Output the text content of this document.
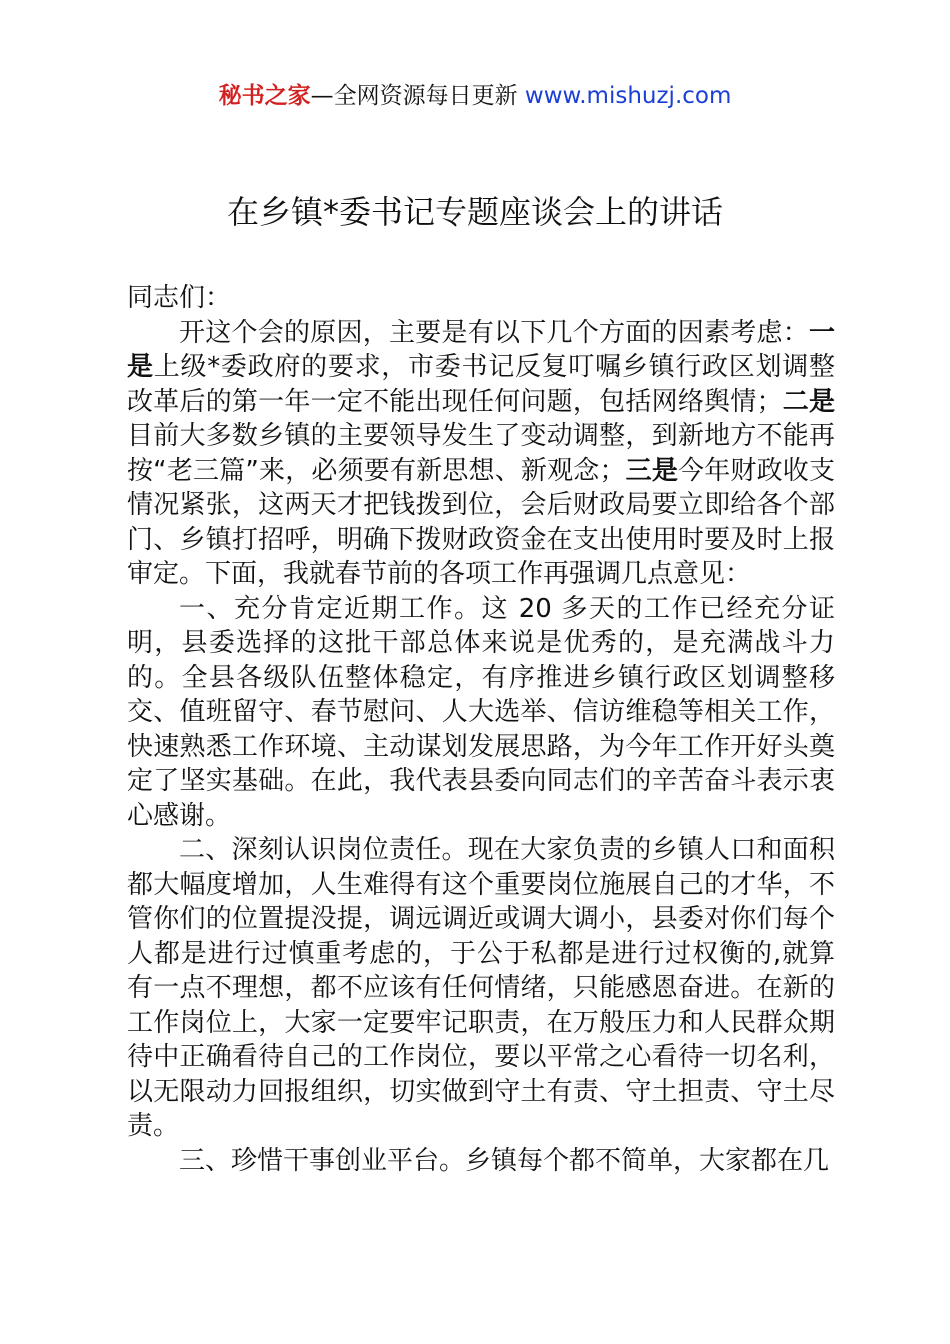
秘书之家—全网资源每日更新 www.mishuzj.com
在乡镇*委书记专题座谈会上的讲话

同志们：

开这个会的原因，主要是有以下几个方面的因素考虑：一是上级*委政府的要求，市委书记反复叮嘱乡镇行政区划调整改革后的第一年一定不能出现任何问题，包括网络舆情；二是目前大多数乡镇的主要领导发生了变动调整，到新地方不能再按“老三篇”来，必须要有新思想、新观念；三是今年财政收支情况紧张，这两天才把钱拨到位，会后财政局要立即给各个部门、乡镇打招呼，明确下拨财政资金在支出使用时要及时上报审定。下面，我就春节前的各项工作再强调几点意见：

一、充分肯定近期工作。这 20 多天的工作已经充分证明，县委选择的这批干部总体来说是优秀的，是充满战斗力的。全县各级队伍整体稳定，有序推进乡镇行政区划调整移交、值班留守、春节慰问、人大选举、信访维稳等相关工作，快速熟悉工作环境、主动谋划发展思路，为今年工作开好头奠定了坚实基础。在此，我代表县委向同志们的辛苦奋斗表示衷心感谢。

二、深刻认识岗位责任。现在大家负责的乡镇人口和面积都大幅度增加，人生难得有这个重要岗位施展自己的才华，不管你们的位置提没提，调远调近或调大调小，县委对你们每个人都是进行过慎重考虑的，于公于私都是进行过权衡的,就算有一点不理想，都不应该有任何情绪，只能感恩奋进。在新的工作岗位上，大家一定要牢记职责，在万般压力和人民群众期待中正确看待自己的工作岗位，要以平常之心看待一切名利，以无限动力回报组织，切实做到守土有责、守土担责、守土尽责。

三、珍惜干事创业平台。乡镇每个都不简单，大家都在几
